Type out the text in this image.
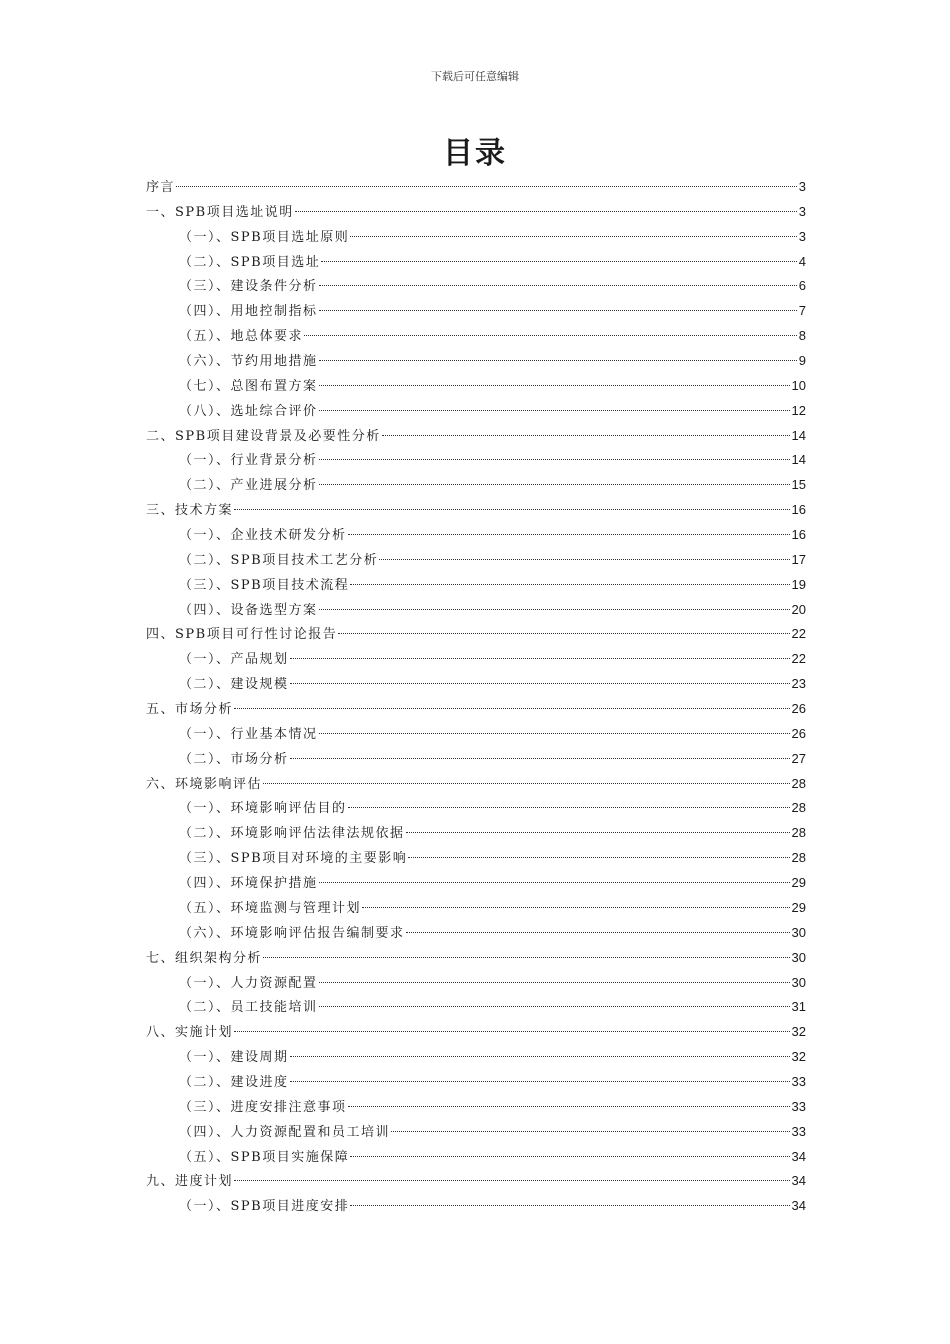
下载后可任意编辑
目录
序言	3
一、SPB项目选址说明	3
（一）、SPB项目选址原则	3
（二）、SPB项目选址	4
（三）、建设条件分析	6
（四）、用地控制指标	7
（五）、地总体要求	8
（六）、节约用地措施	9
（七）、总图布置方案	10
（八）、选址综合评价	12
二、SPB项目建设背景及必要性分析	14
（一）、行业背景分析	14
（二）、产业进展分析	15
三、技术方案	16
（一）、企业技术研发分析	16
（二）、SPB项目技术工艺分析	17
（三）、SPB项目技术流程	19
（四）、设备选型方案	20
四、SPB项目可行性讨论报告	22
（一）、产品规划	22
（二）、建设规模	23
五、市场分析	26
（一）、行业基本情况	26
（二）、市场分析	27
六、环境影响评估	28
（一）、环境影响评估目的	28
（二）、环境影响评估法律法规依据	28
（三）、SPB项目对环境的主要影响	28
（四）、环境保护措施	29
（五）、环境监测与管理计划	29
（六）、环境影响评估报告编制要求	30
七、组织架构分析	30
（一）、人力资源配置	30
（二）、员工技能培训	31
八、实施计划	32
（一）、建设周期	32
（二）、建设进度	33
（三）、进度安排注意事项	33
（四）、人力资源配置和员工培训	33
（五）、SPB项目实施保障	34
九、进度计划	34
（一）、SPB项目进度安排	34
